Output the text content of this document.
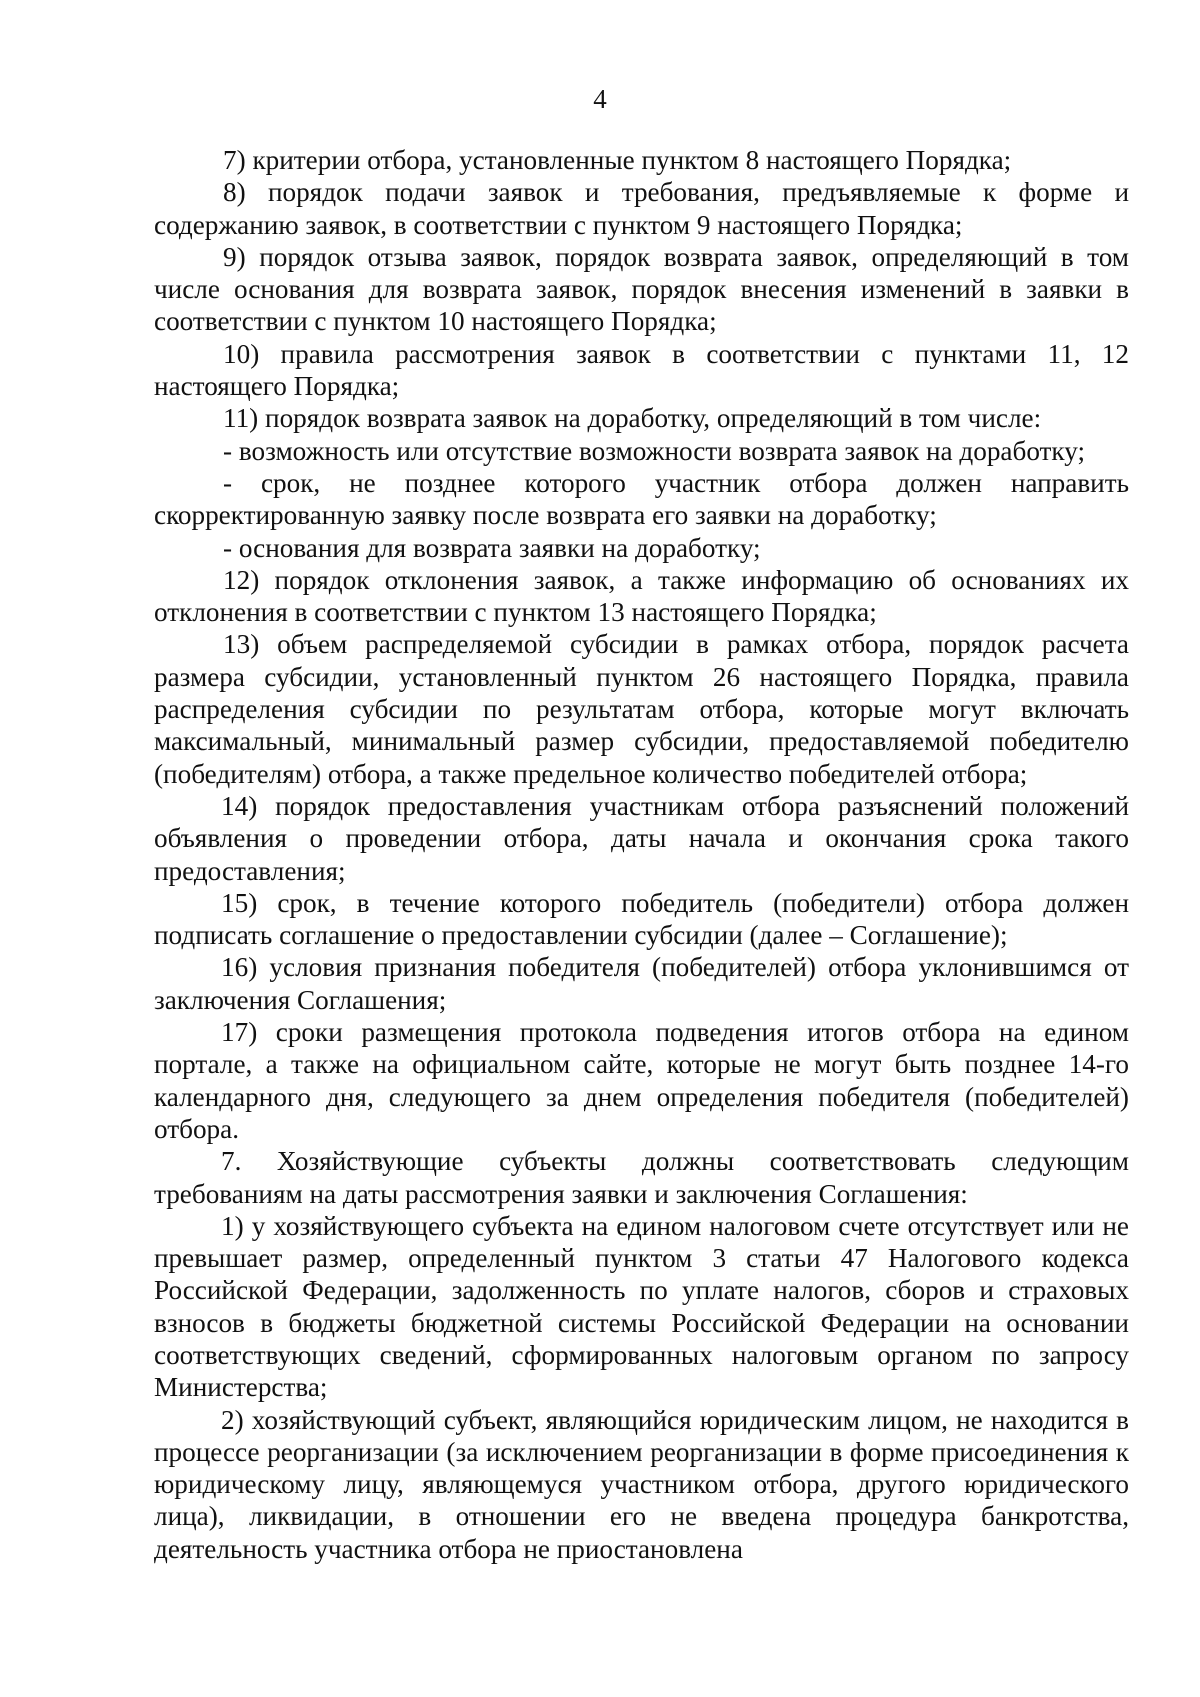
4

7) критерии отбора, установленные пунктом 8 настоящего Порядка;

8) порядок подачи заявок и требования, предъявляемые к форме и содержанию заявок, в соответствии с пунктом 9 настоящего Порядка;

9) порядок отзыва заявок, порядок возврата заявок, определяющий в том числе основания для возврата заявок, порядок внесения изменений в заявки в соответствии с пунктом 10 настоящего Порядка;

10) правила рассмотрения заявок в соответствии с пунктами 11, 12 настоящего Порядка;

11) порядок возврата заявок на доработку, определяющий в том числе:

- возможность или отсутствие возможности возврата заявок на доработку;

- срок, не позднее которого участник отбора должен направить скорректированную заявку после возврата его заявки на доработку;

- основания для возврата заявки на доработку;

12) порядок отклонения заявок, а также информацию об основаниях их отклонения в соответствии с пунктом 13 настоящего Порядка;

13) объем распределяемой субсидии в рамках отбора, порядок расчета размера субсидии, установленный пунктом 26 настоящего Порядка, правила распределения субсидии по результатам отбора, которые могут включать максимальный, минимальный размер субсидии, предоставляемой победителю (победителям) отбора, а также предельное количество победителей отбора;

14) порядок предоставления участникам отбора разъяснений положений объявления о проведении отбора, даты начала и окончания срока такого предоставления;

15) срок, в течение которого победитель (победители) отбора должен подписать соглашение о предоставлении субсидии (далее – Соглашение);

16) условия признания победителя (победителей) отбора уклонившимся от заключения Соглашения;

17) сроки размещения протокола подведения итогов отбора на едином портале, а также на официальном сайте, которые не могут быть позднее 14-го календарного дня, следующего за днем определения победителя (победителей) отбора.

7. Хозяйствующие субъекты должны соответствовать следующим требованиям на даты рассмотрения заявки и заключения Соглашения:

1) у хозяйствующего субъекта на едином налоговом счете отсутствует или не превышает размер, определенный пунктом 3 статьи 47 Налогового кодекса Российской Федерации, задолженность по уплате налогов, сборов и страховых взносов в бюджеты бюджетной системы Российской Федерации на основании соответствующих сведений, сформированных налоговым органом по запросу Министерства;

2) хозяйствующий субъект, являющийся юридическим лицом, не находится в процессе реорганизации (за исключением реорганизации в форме присоединения к юридическому лицу, являющемуся участником отбора, другого юридического лица), ликвидации, в отношении его не введена процедура банкротства, деятельность участника отбора не приостановлена
